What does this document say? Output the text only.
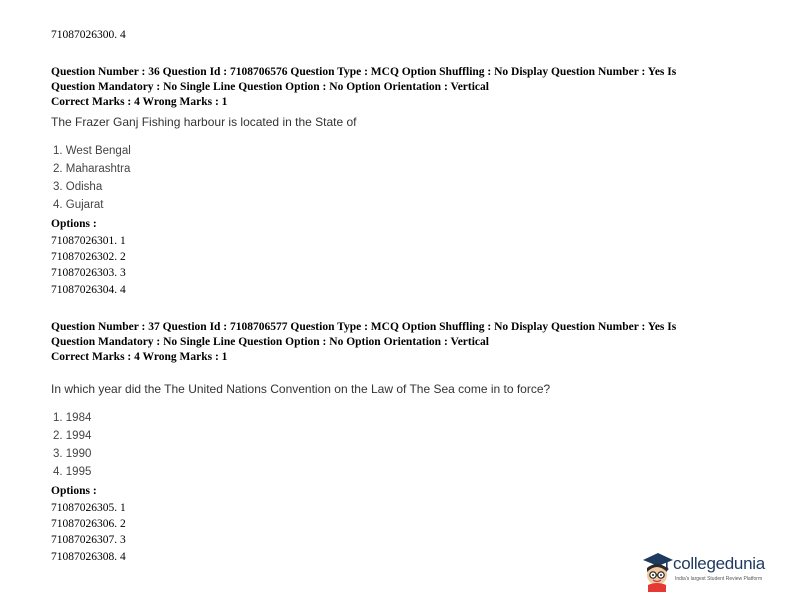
71087026300. 4
Question Number : 36 Question Id : 7108706576 Question Type : MCQ Option Shuffling : No Display Question Number : Yes Is
Question Mandatory : No Single Line Question Option : No Option Orientation : Vertical
Correct Marks : 4 Wrong Marks : 1
The Frazer Ganj Fishing harbour is located in the State of
1. West Bengal
2. Maharashtra
3. Odisha
4. Gujarat
Options :
71087026301. 1
71087026302. 2
71087026303. 3
71087026304. 4
Question Number : 37 Question Id : 7108706577 Question Type : MCQ Option Shuffling : No Display Question Number : Yes Is
Question Mandatory : No Single Line Question Option : No Option Orientation : Vertical
Correct Marks : 4 Wrong Marks : 1
In which year did the The United Nations Convention on the Law of The Sea come in to force?
1. 1984
2. 1994
3. 1990
4. 1995
Options :
71087026305. 1
71087026306. 2
71087026307. 3
71087026308. 4	collegedunia
India's largest Student Review Platform
